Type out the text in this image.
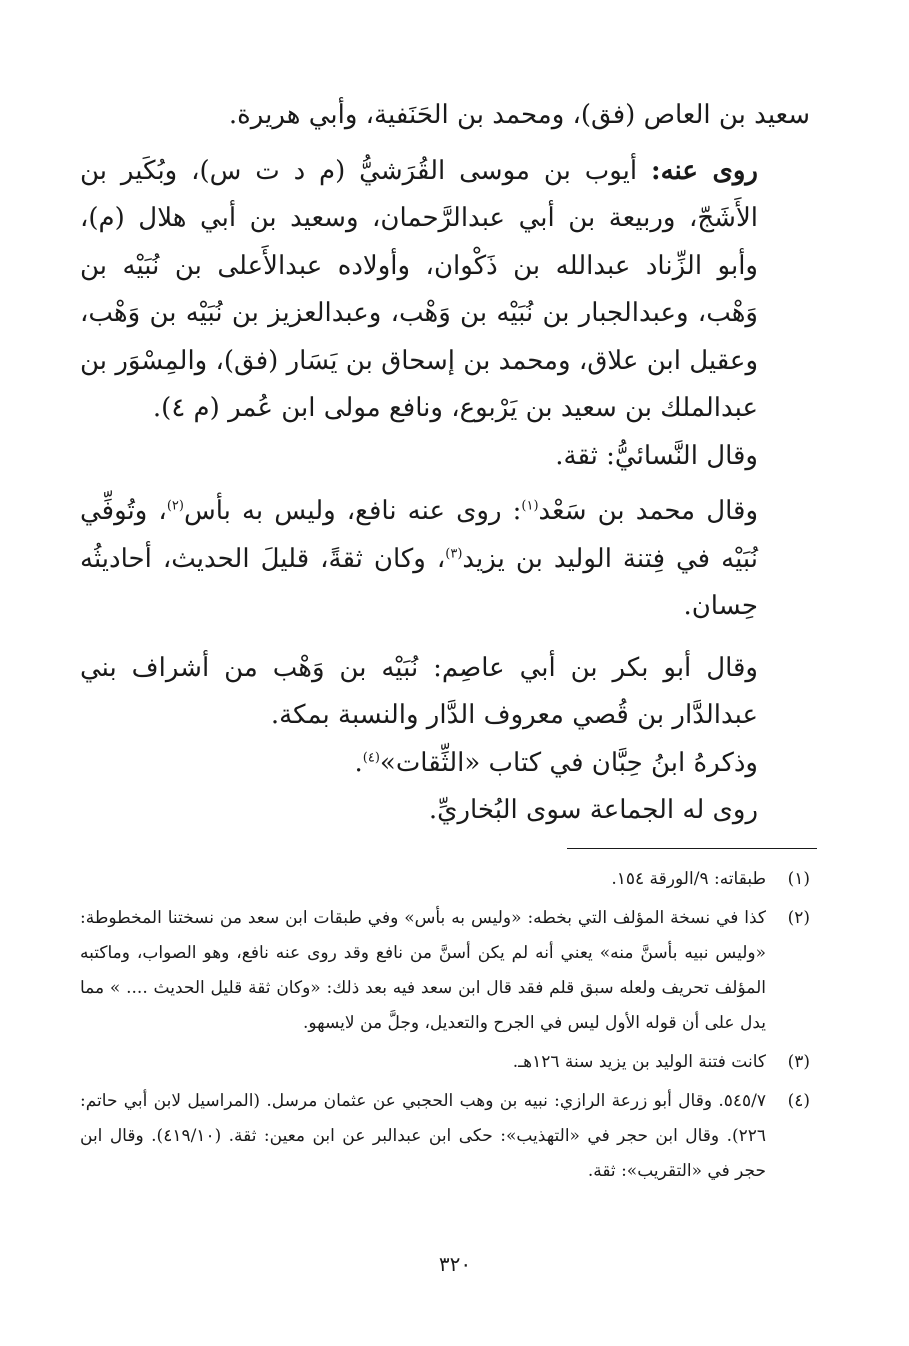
سعيد بن العاص (فق)، ومحمد بن الحَنَفية، وأبي هريرة.

روى عنه: أيوب بن موسى القُرَشيُّ (م د ت س)، وبُكَير بن الأَشَجّ، وربيعة بن أبي عبدالرَّحمان، وسعيد بن أبي هلال (م)، وأبو الزِّناد عبدالله بن ذَكْوان، وأولاده عبدالأَعلى بن نُبَيْه بن وَهْب، وعبدالجبار بن نُبَيْه بن وَهْب، وعبدالعزيز بن نُبَيْه بن وَهْب، وعقيل ابن علاق، ومحمد بن إسحاق بن يَسَار (فق)، والمِسْوَر بن عبدالملك بن سعيد بن يَرْبوع، ونافع مولى ابن عُمر (م ٤).

وقال النَّسائيُّ: ثقة.

وقال محمد بن سَعْد$^{(١)}$: روى عنه نافع، وليس به بأس$^{(٢)}$، وتُوفِّي نُبَيْه في فِتنة الوليد بن يزيد$^{(٣)}$، وكان ثقةً، قليلَ الحديث، أحاديثُه حِسان.

وقال أبو بكر بن أبي عاصِم: نُبَيْه بن وَهْب من أشراف بني عبدالدَّار بن قُصي معروف الدَّار والنسبة بمكة.

وذكرهُ ابنُ حِبَّان في كتاب «الثِّقات»$^{(٤)}$.

روى له الجماعة سوى البُخاريِّ.

(١)
طبقاته: ٩/الورقة ١٥٤.
(٢)
كذا في نسخة المؤلف التي بخطه: «وليس به بأس» وفي طبقات ابن سعد من نسختنا المخطوطة: «وليس نبيه بأسنَّ منه» يعني أنه لم يكن أسنَّ من نافع وقد روى عنه نافع، وهو الصواب، وماكتبه المؤلف تحريف ولعله سبق قلم فقد قال ابن سعد فيه بعد ذلك: «وكان ثقة قليل الحديث .... » مما يدل على أن قوله الأول ليس في الجرح والتعديل، وجلَّ من لايسهو.
(٣)
كانت فتنة الوليد بن يزيد سنة ١٢٦هـ.
(٤)
٥٤٥/٧. وقال أبو زرعة الرازي: نبيه بن وهب الحجبي عن عثمان مرسل. (المراسيل لابن أبي حاتم: ٢٢٦). وقال ابن حجر في «التهذيب»: حكى ابن عبدالبر عن ابن معين: ثقة. (٤١٩/١٠). وقال ابن حجر في «التقريب»: ثقة.
٣٢٠
